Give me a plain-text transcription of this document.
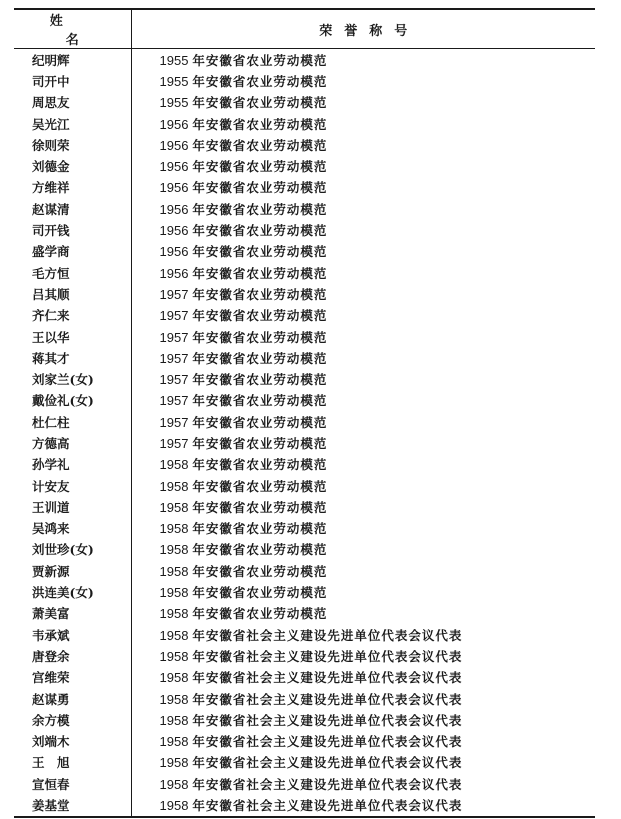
姓　名	荣誉称号
纪明辉	1955 年安徽省农业劳动模范
司开中	1955 年安徽省农业劳动模范
周思友	1955 年安徽省农业劳动模范
吴光江	1956 年安徽省农业劳动模范
徐则荣	1956 年安徽省农业劳动模范
刘德金	1956 年安徽省农业劳动模范
方维祥	1956 年安徽省农业劳动模范
赵谋清	1956 年安徽省农业劳动模范
司开钱	1956 年安徽省农业劳动模范
盛学商	1956 年安徽省农业劳动模范
毛方恒	1956 年安徽省农业劳动模范
吕其顺	1957 年安徽省农业劳动模范
齐仁来	1957 年安徽省农业劳动模范
王以华	1957 年安徽省农业劳动模范
蒋其才	1957 年安徽省农业劳动模范
刘家兰(女)	1957 年安徽省农业劳动模范
戴俭礼(女)	1957 年安徽省农业劳动模范
杜仁柱	1957 年安徽省农业劳动模范
方德高	1957 年安徽省农业劳动模范
孙学礼	1958 年安徽省农业劳动模范
计安友	1958 年安徽省农业劳动模范
王训道	1958 年安徽省农业劳动模范
吴鸿来	1958 年安徽省农业劳动模范
刘世珍(女)	1958 年安徽省农业劳动模范
贾新源	1958 年安徽省农业劳动模范
洪连美(女)	1958 年安徽省农业劳动模范
萧美富	1958 年安徽省农业劳动模范
韦承斌	1958 年安徽省社会主义建设先进单位代表会议代表
唐登余	1958 年安徽省社会主义建设先进单位代表会议代表
宫维荣	1958 年安徽省社会主义建设先进单位代表会议代表
赵谋勇	1958 年安徽省社会主义建设先进单位代表会议代表
余方模	1958 年安徽省社会主义建设先进单位代表会议代表
刘端木	1958 年安徽省社会主义建设先进单位代表会议代表
王　旭	1958 年安徽省社会主义建设先进单位代表会议代表
宣恒春	1958 年安徽省社会主义建设先进单位代表会议代表
姜基堂	1958 年安徽省社会主义建设先进单位代表会议代表
